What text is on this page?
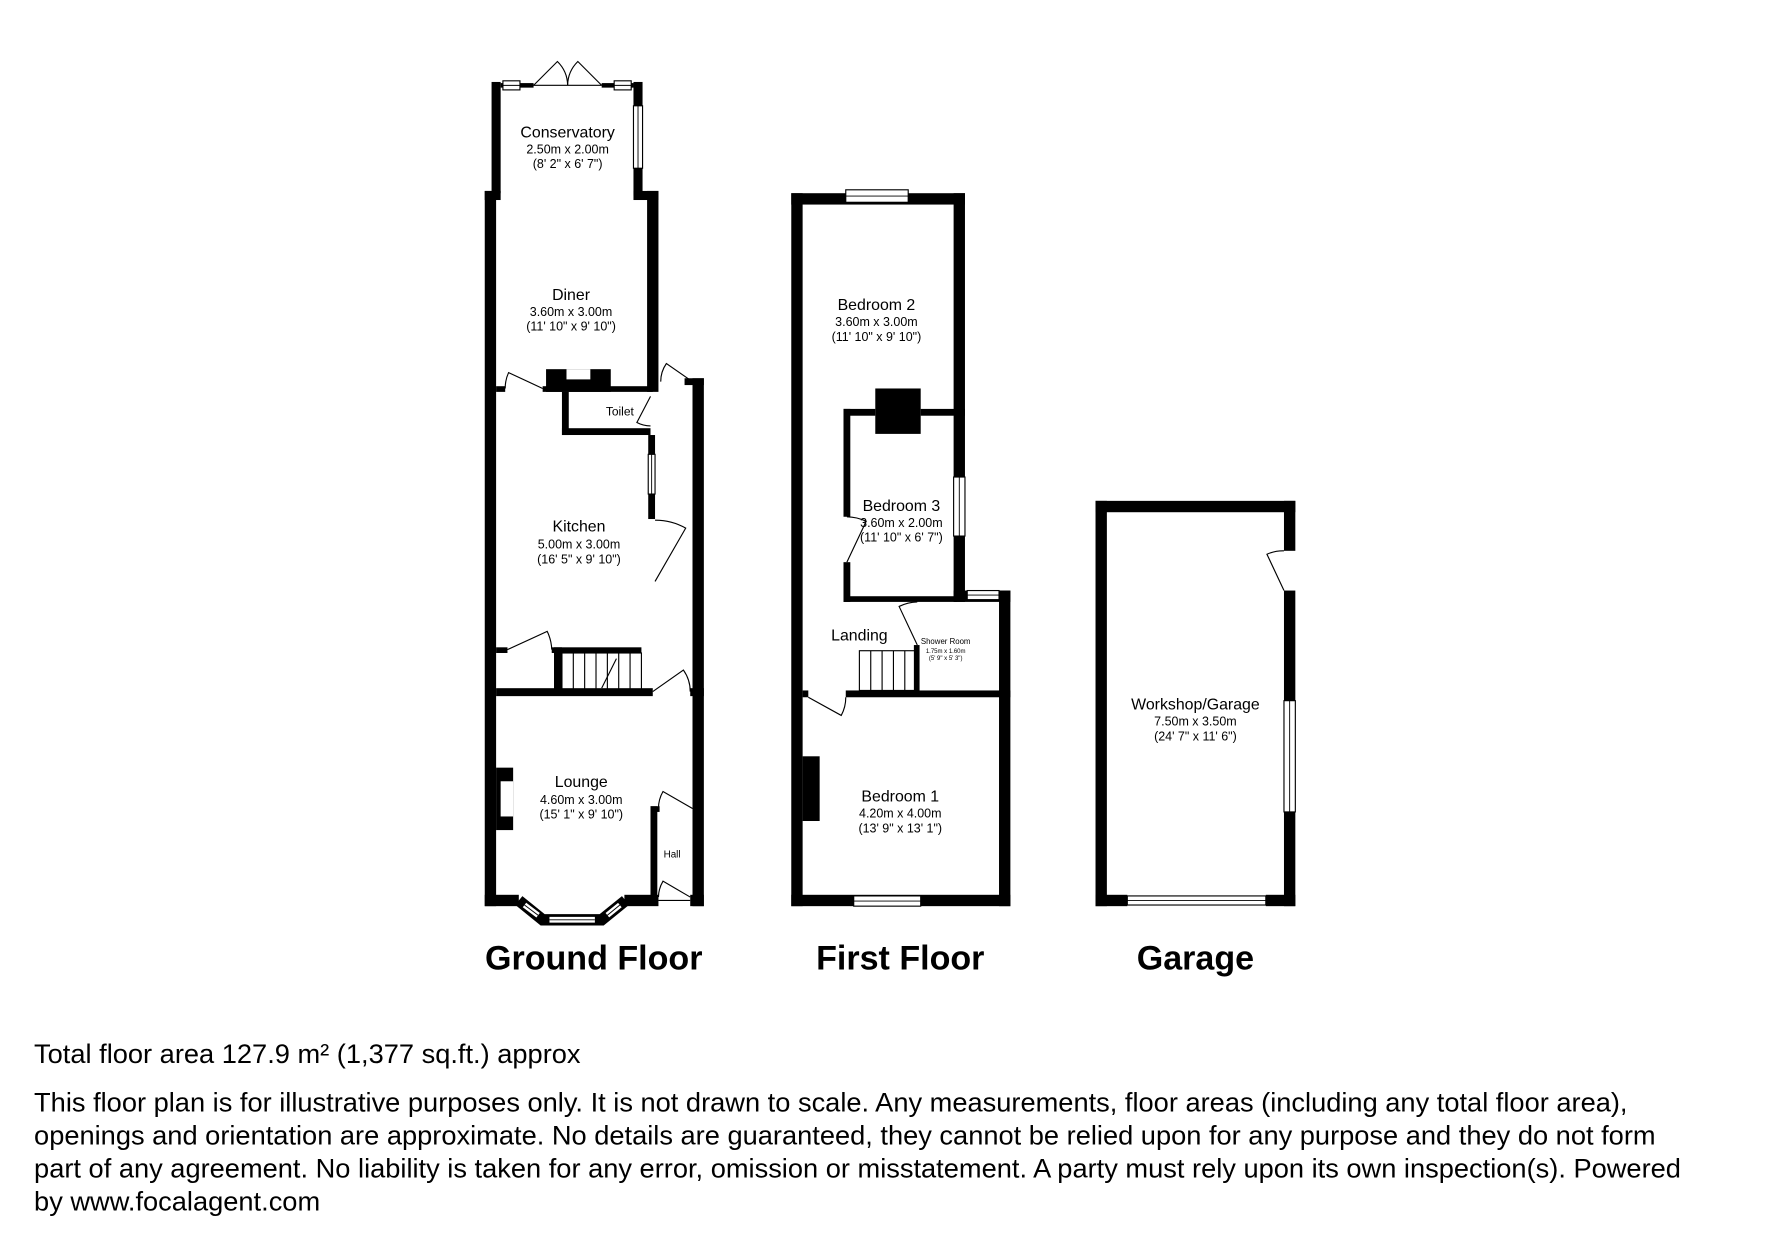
Conservatory
2.50m x 2.00m
(8' 2" x 6' 7")
Diner
3.60m x 3.00m
(11' 10" x 9' 10")
Toilet
Kitchen
5.00m x 3.00m
(16' 5" x 9' 10")
Lounge
4.60m x 3.00m
(15' 1" x 9' 10")
Hall
Ground Floor
Bedroom 2
3.60m x 3.00m
(11' 10" x 9' 10")
Bedroom 3
3.60m x 2.00m
(11' 10" x 6' 7")
Landing	Shower Room
1.75m x 1.60m
(5' 9" x 5' 3")
Bedroom 1
4.20m x 4.00m
(13' 9" x 13' 1")
First Floor
Workshop/Garage
7.50m x 3.50m
(24' 7" x 11' 6")
Garage
Total floor area 127.9 m² (1,377 sq.ft.) approx
This floor plan is for illustrative purposes only. It is not drawn to scale. Any measurements, floor areas (including any total floor area),
openings and orientation are approximate. No details are guaranteed, they cannot be relied upon for any purpose and they do not form
part of any agreement. No liability is taken for any error, omission or misstatement. A party must rely upon its own inspection(s). Powered
by www.focalagent.com
